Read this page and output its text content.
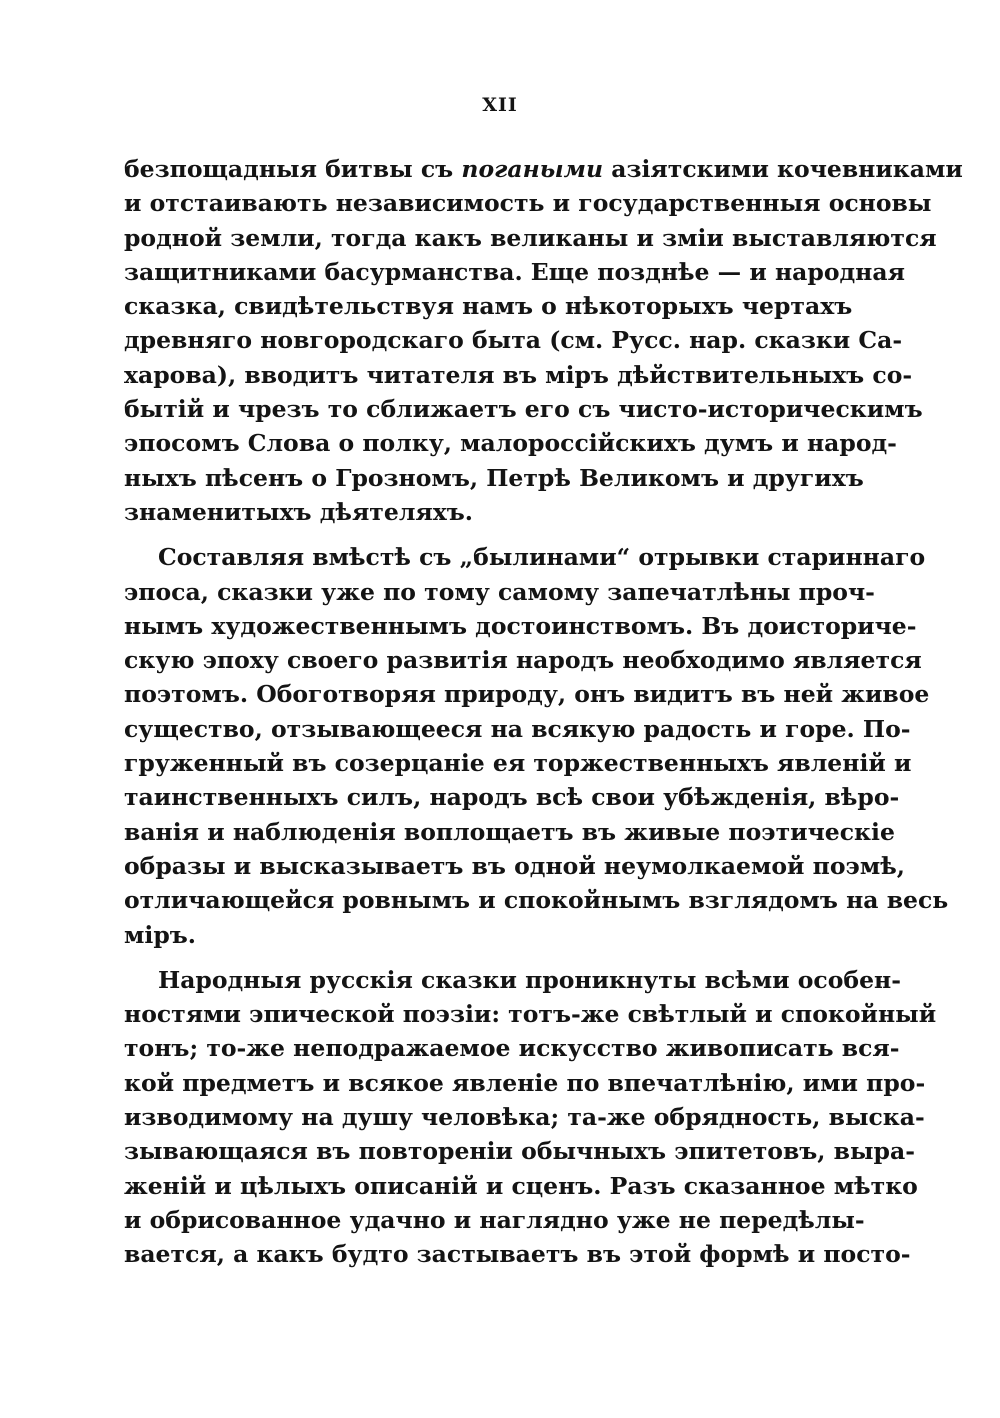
XII
безпощадныя битвы съ погаными азіятскими кочевниками
и отстаивають независимость и государственныя основы
родной земли, тогда какъ великаны и зміи выставляются
защитниками басурманства. Еще позднѣе — и народная
сказка, свидѣтельствуя намъ о нѣкоторыхъ чертахъ
древняго новгородскаго быта (см. Русс. нар. сказки Са-
харова), вводитъ читателя въ міръ дѣйствительныхъ со-
бытій и чрезъ то сближаетъ его съ чисто-историческимъ
эпосомъ Слова о полку, малороссійскихъ думъ и народ-
ныхъ пѣсенъ о Грозномъ, Петрѣ Великомъ и другихъ
знаменитыхъ дѣятеляхъ.
Составляя вмѣстѣ съ „былинами“ отрывки стариннаго
эпоса, сказки уже по тому самому запечатлѣны проч-
нымъ художественнымъ достоинствомъ. Въ доисториче-
скую эпоху своего развитія народъ необходимо является
поэтомъ. Обоготворяя природу, онъ видитъ въ ней живое
существо, отзывающееся на всякую радость и горе. По-
груженный въ созерцаніе ея торжественныхъ явленій и
таинственныхъ силъ, народъ всѣ свои убѣжденія, вѣро-
ванія и наблюденія воплощаетъ въ живые поэтическіе
образы и высказываетъ въ одной неумолкаемой поэмѣ,
отличающейся ровнымъ и спокойнымъ взглядомъ на весь
міръ.
Народныя русскія сказки проникнуты всѣми особен-
ностями эпической поэзіи: тотъ-же свѣтлый и спокойный
тонъ; то-же неподражаемое искусство живописать вся-
кой предметъ и всякое явленіе по впечатлѣнію, ими про-
изводимому на душу человѣка; та-же обрядность, выска-
зывающаяся въ повтореніи обычныхъ эпитетовъ, выра-
женій и цѣлыхъ описаній и сценъ. Разъ сказанное мѣтко
и обрисованное удачно и наглядно уже не передѣлы-
вается, а какъ будто застываетъ въ этой формѣ и посто-
